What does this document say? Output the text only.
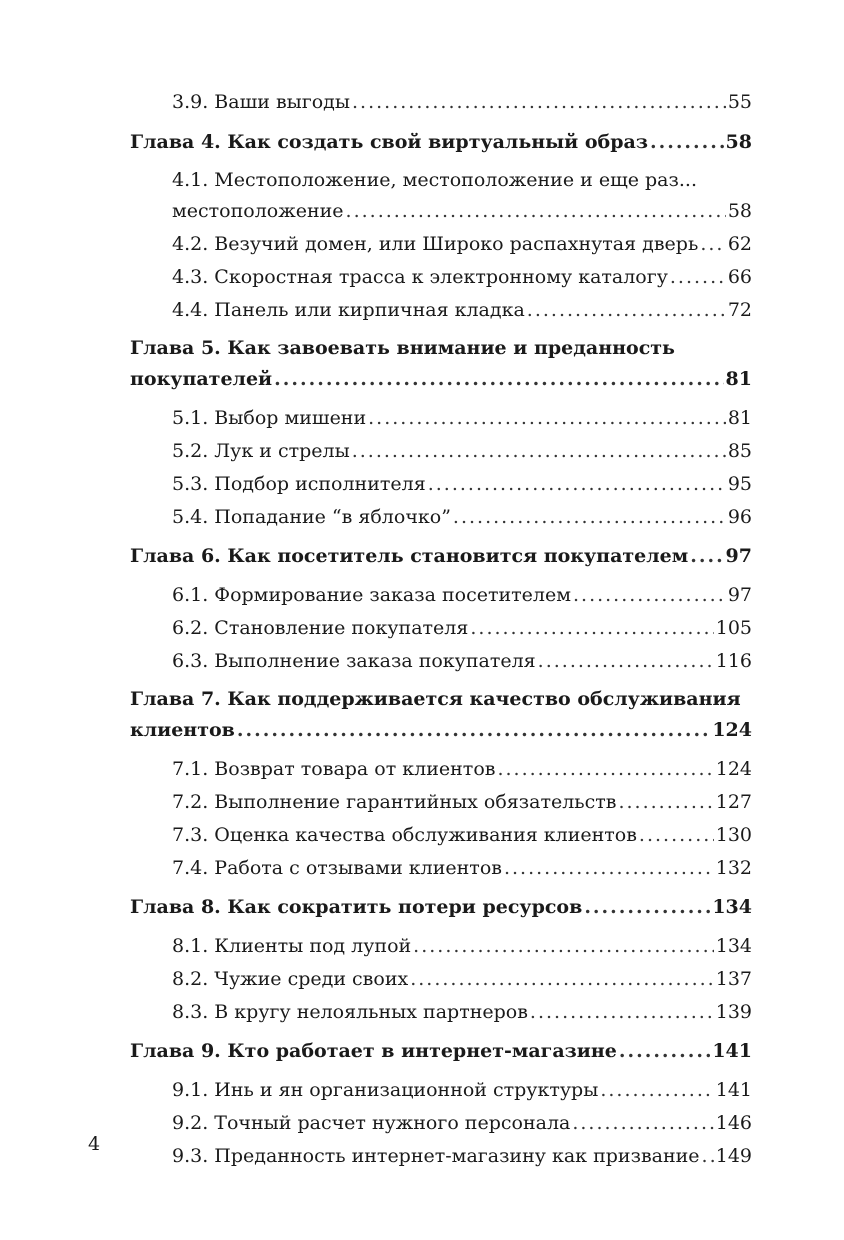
3.9. Ваши выгоды .....	55
Глава 4. Как создать свой виртуальный образ .....	58
4.1. Местоположение, местоположение и еще раз...
местоположение .....	58
4.2. Везучий домен, или Широко распахнутая дверь ..... 62
4.3. Скоростная трасса к электронному каталогу .....	66
4.4. Панель или кирпичная кладка .....	72
Глава 5. Как завоевать внимание и преданность
покупателей .....	81
5.1. Выбор мишени .....	81
5.2. Лук и стрелы .....	85
5.3. Подбор исполнителя .....	95
5.4. Попадание “в яблочко” .....	96
Глава 6. Как посетитель становится покупателем ..... 97
6.1. Формирование заказа посетителем .....	97
6.2. Становление покупателя .....	105
6.3. Выполнение заказа покупателя .....	116
Глава 7. Как поддерживается качество обслуживания
клиентов .....	124
7.1. Возврат товара от клиентов .....	124
7.2. Выполнение гарантийных обязательств .....	127
7.3. Оценка качества обслуживания клиентов .....	130
7.4. Работа с отзывами клиентов .....	132
Глава 8. Как сократить потери ресурсов .....	134
8.1. Клиенты под лупой .....	134
8.2. Чужие среди своих .....	137
8.3. В кругу нелояльных партнеров .....	139
Глава 9. Кто работает в интернет-магазине .....	141
9.1. Инь и ян организационной структуры .....	141
9.2. Точный расчет нужного персонала .....	146
9.3. Преданность интернет-магазину как призвание ..... 149
4
